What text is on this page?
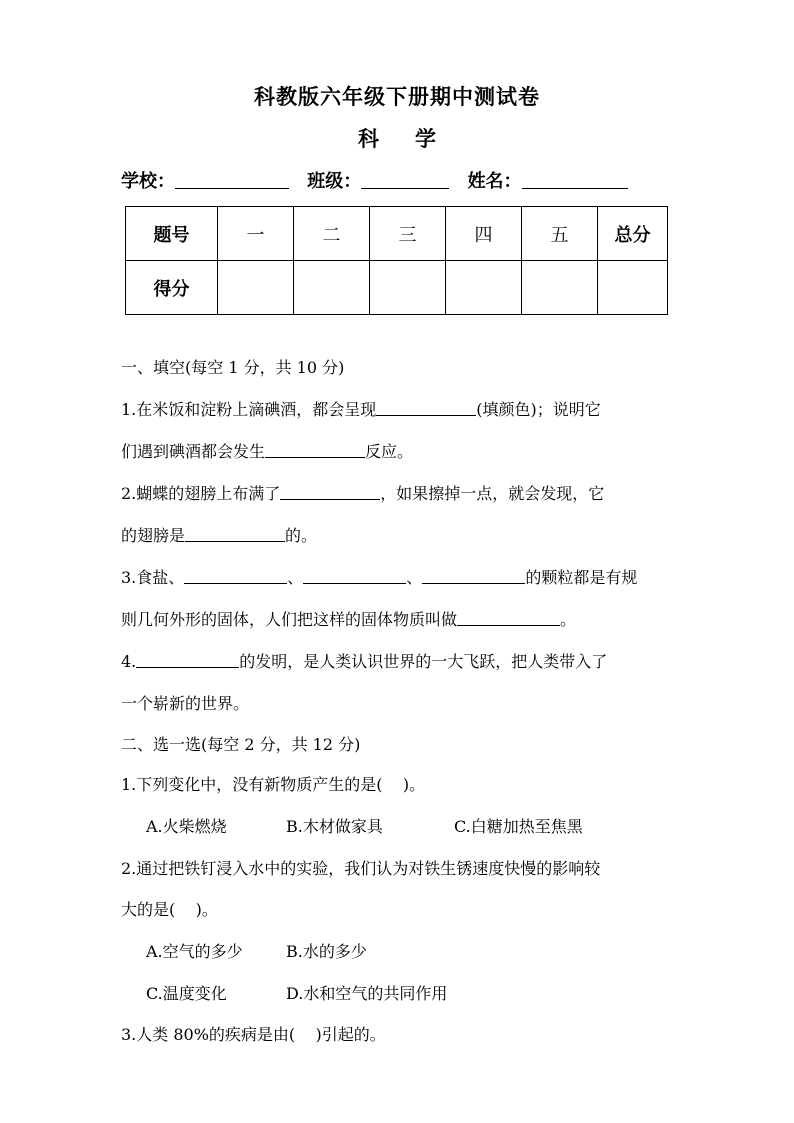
科教版六年级下册期中测试卷
科 学
学校：	班级：	姓名：
题号	一	二	三	四	五	总分
得分						
一、填空(每空 1 分，共 10 分)
1.在米饭和淀粉上滴碘酒，都会呈现	(填颜色)；说明它
们遇到碘酒都会发生	反应。
2.蝴蝶的翅膀上布满了	，如果擦掉一点，就会发现，它
的翅膀是	的。
3.食盐、	、	、	的颗粒都是有规
则几何外形的固体，人们把这样的固体物质叫做	。
4.	的发明，是人类认识世界的一大飞跃，把人类带入了
一个崭新的世界。
二、选一选(每空 2 分，共 12 分)
1.下列变化中，没有新物质产生的是(    )。
A.火柴燃烧	B.木材做家具	C.白糖加热至焦黑
2.通过把铁钉浸入水中的实验，我们认为对铁生锈速度快慢的影响较
大的是(    )。
A.空气的多少	B.水的多少
C.温度变化	D.水和空气的共同作用
3.人类 80%的疾病是由(    )引起的。
